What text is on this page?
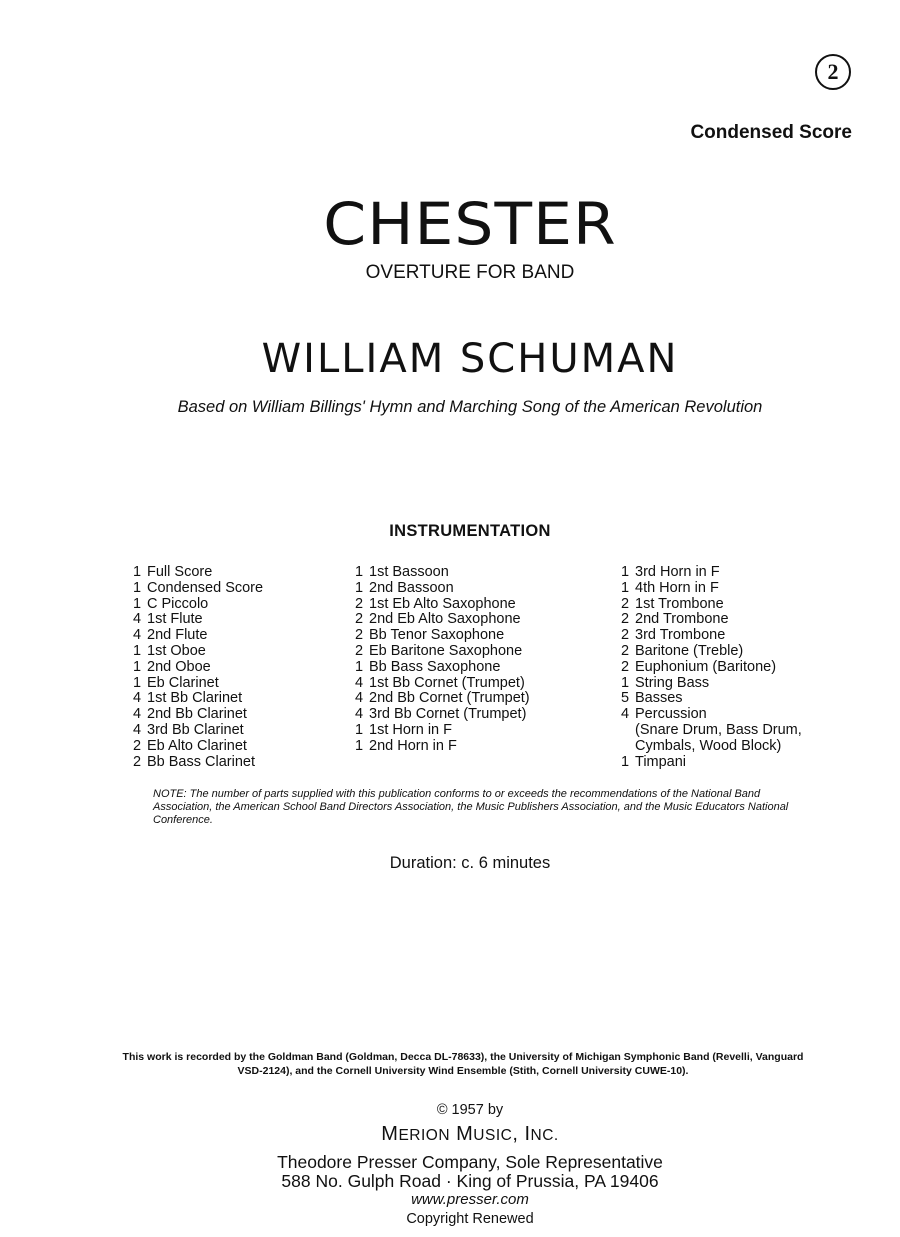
2
Condensed Score
CHESTER
OVERTURE FOR BAND
WILLIAM SCHUMAN
Based on William Billings' Hymn and Marching Song of the American Revolution
INSTRUMENTATION
1 Full Score
1 Condensed Score
1 C Piccolo
4 1st Flute
4 2nd Flute
1 1st Oboe
1 2nd Oboe
1 Eb Clarinet
4 1st Bb Clarinet
4 2nd Bb Clarinet
4 3rd Bb Clarinet
2 Eb Alto Clarinet
2 Bb Bass Clarinet
1 1st Bassoon
1 2nd Bassoon
2 1st Eb Alto Saxophone
2 2nd Eb Alto Saxophone
2 Bb Tenor Saxophone
2 Eb Baritone Saxophone
1 Bb Bass Saxophone
4 1st Bb Cornet (Trumpet)
4 2nd Bb Cornet (Trumpet)
4 3rd Bb Cornet (Trumpet)
1 1st Horn in F
1 2nd Horn in F
1 3rd Horn in F
1 4th Horn in F
2 1st Trombone
2 2nd Trombone
2 3rd Trombone
2 Baritone (Treble)
2 Euphonium (Baritone)
1 String Bass
5 Basses
4 Percussion
(Snare Drum, Bass Drum,
Cymbals, Wood Block)
1 Timpani
NOTE: The number of parts supplied with this publication conforms to or exceeds the recommendations of the National Band Association, the American School Band Directors Association, the Music Publishers Association, and the Music Educators National Conference.
Duration: c. 6 minutes
This work is recorded by the Goldman Band (Goldman, Decca DL-78633), the University of Michigan Symphonic Band (Revelli, Vanguard VSD-2124), and the Cornell University Wind Ensemble (Stith, Cornell University CUWE-10).
© 1957 by
MERION MUSIC, INC.
Theodore Presser Company, Sole Representative
588 No. Gulph Road · King of Prussia, PA 19406
www.presser.com
Copyright Renewed
